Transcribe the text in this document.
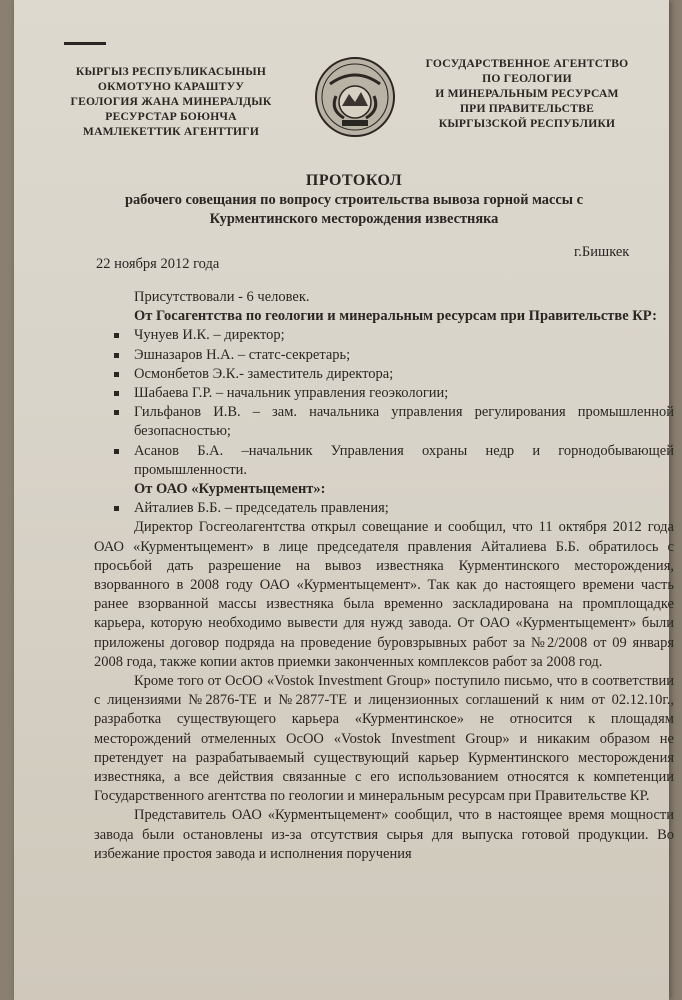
КЫРГЫЗ РЕСПУБЛИКАСЫНЫН
ОКМОТУНО КАРАШТУУ
ГЕОЛОГИЯ ЖАНА МИНЕРАЛДЫК
РЕСУРСТАР БОЮНЧА
МАМЛЕКЕТТИК АГЕНТТИГИ
ГОСУДАРСТВЕННОЕ АГЕНТСТВО
ПО ГЕОЛОГИИ
И МИНЕРАЛЬНЫМ РЕСУРСАМ
ПРИ ПРАВИТЕЛЬСТВЕ
КЫРГЫЗСКОЙ РЕСПУБЛИКИ
ПРОТОКОЛ
рабочего совещания по вопросу строительства вывоза горной массы с
Курментинского месторождения известняка
22 ноября 2012 года
г.Бишкек

Присутствовали - 6 человек.

От Госагентства по геологии и минеральным ресурсам при Правительстве КР:

Чунуев И.К. – директор;
Эшназаров Н.А. – статс-секретарь;
Осмонбетов Э.К.- заместитель директора;
Шабаева Г.Р. – начальник управления геоэкологии;
Гильфанов И.В. – зам. начальника управления регулирования промышленной безопасностью;
Асанов Б.А. –начальник Управления охраны недр и горнодобывающей промышленности.

От ОАО «Курментыцемент»:

Айталиев Б.Б. – председатель правления;

Директор Госгеолагентства открыл совещание и сообщил, что 11 октября 2012 года ОАО «Курментыцемент» в лице председателя правления Айталиева Б.Б. обратилось с просьбой дать разрешение на вывоз известняка Курментинского месторождения, взорванного в 2008 году ОАО «Курментыцемент». Так как до настоящего времени часть ранее взорванной массы известняка была временно заскладирована на промплощадке карьера, которую необходимо вывести для нужд завода. От ОАО «Курментыцемент» были приложены договор подряда на проведение буровзрывных работ за №2/2008 от 09 января 2008 года, также копии актов приемки законченных комплексов работ за 2008 год.

Кроме того от ОсОО «Vostok Investment Group» поступило письмо, что в соответствии с лицензиями №2876-ТЕ и №2877-ТЕ и лицензионных соглашений к ним от 02.12.10г., разработка существующего карьера «Курментинское» не относится к площадям месторождений отмеленных ОсОО «Vostok Investment Group» и никаким образом не претендует на разрабатываемый существующий карьер Курментинского месторождения известняка, а все действия связанные с его использованием относятся к компетенции Государственного агентства по геологии и минеральным ресурсам при Правительстве КР.

Представитель ОАО «Курментыцемент» сообщил, что в настоящее время мощности завода были остановлены из-за отсутствия сырья для выпуска готовой продукции. Во избежание простоя завода и исполнения поручения
